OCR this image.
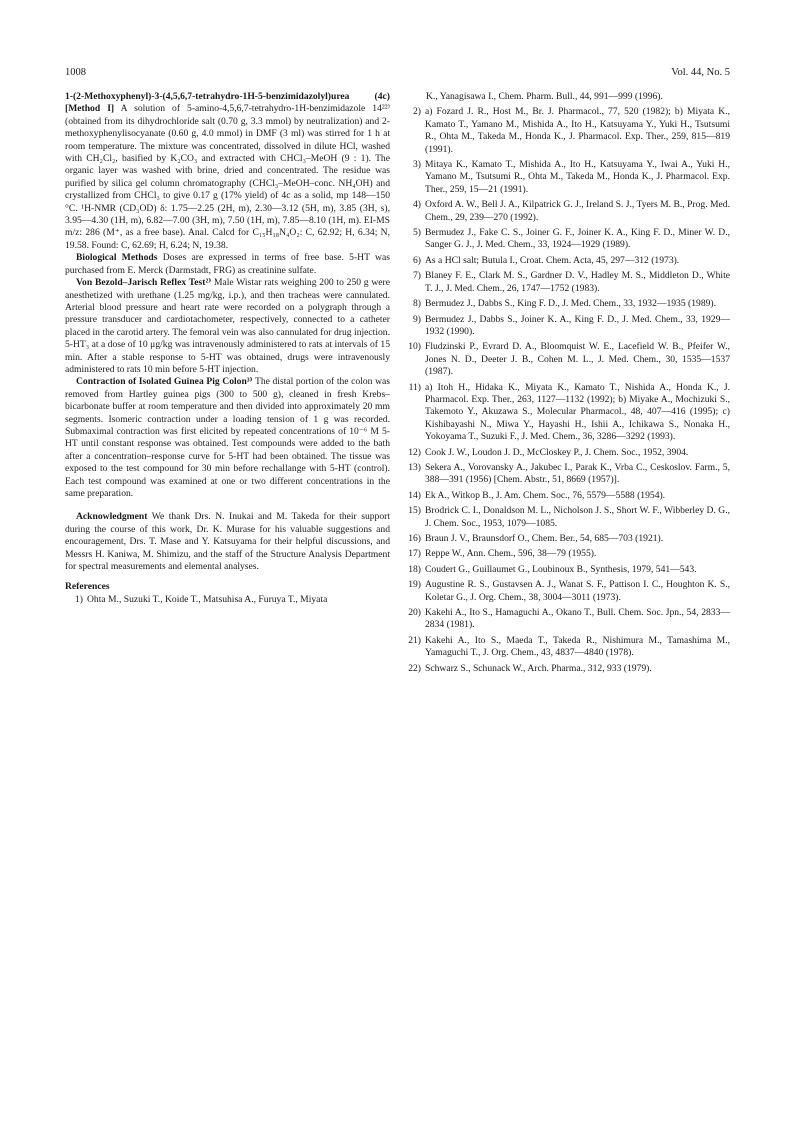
1008	Vol. 44, No. 5

1-(2-Methoxyphenyl)-3-(4,5,6,7-tetrahydro-1H-5-benzimidazolyl)urea (4c) [Method I] A solution of 5-amino-4,5,6,7-tetrahydro-1H-benzimidazole 14²²⁾ (obtained from its dihydrochloride salt (0.70 g, 3.3 mmol) by neutralization) and 2-methoxyphenylisocyanate (0.60 g, 4.0 mmol) in DMF (3 ml) was stirred for 1 h at room temperature. The mixture was concentrated, dissolved in dilute HCl, washed with CH₂Cl₂, basified by K₂CO₃ and extracted with CHCl₃–MeOH (9 : 1). The organic layer was washed with brine, dried and concentrated. The residue was purified by silica gel column chromatography (CHCl₃–MeOH–conc. NH₄OH) and crystallized from CHCl₃ to give 0.17 g (17% yield) of 4c as a solid, mp 148—150 °C. ¹H-NMR (CD₃OD) δ: 1.75—2.25 (2H, m), 2.30—3.12 (5H, m), 3.85 (3H, s), 3.95—4.30 (1H, m), 6.82—7.00 (3H, m), 7.50 (1H, m), 7.85—8.10 (1H, m). EI-MS m/z: 286 (M⁺, as a free base). Anal. Calcd for C₁₅H₁₈N₄O₂: C, 62.92; H, 6.34; N, 19.58. Found: C, 62.69; H, 6.24; N, 19.38.

Biological Methods Doses are expressed in terms of free base. 5-HT was purchased from E. Merck (Darmstadt, FRG) as creatinine sulfate.

Von Bezold–Jarisch Reflex Test²⁾ Male Wistar rats weighing 200 to 250 g were anesthetized with urethane (1.25 mg/kg, i.p.), and then tracheas were cannulated. Arterial blood pressure and heart rate were recorded on a polygraph through a pressure transducer and cardiotachometer, respectively, connected to a catheter placed in the carotid artery. The femoral vein was also cannulated for drug injection. 5-HT₃ at a dose of 10 μg/kg was intravenously administered to rats at intervals of 15 min. After a stable response to 5-HT was obtained, drugs were intravenously administered to rats 10 min before 5-HT injection.

Contraction of Isolated Guinea Pig Colon³⁾ The distal portion of the colon was removed from Hartley guinea pigs (300 to 500 g), cleaned in fresh Krebs–bicarbonate buffer at room temperature and then divided into approximately 20 mm segments. Isomeric contraction under a loading tension of 1 g was recorded. Submaximal contraction was first elicited by repeated concentrations of 10⁻⁶ M 5-HT until constant response was obtained. Test compounds were added to the bath after a concentration–response curve for 5-HT had been obtained. The tissue was exposed to the test compound for 30 min before rechallange with 5-HT (control). Each test compound was examined at one or two different concentrations in the same preparation.

Acknowledgment We thank Drs. N. Inukai and M. Takeda for their support during the course of this work, Dr. K. Murase for his valuable suggestions and encouragement, Drs. T. Mase and Y. Katsuyama for their helpful discussions, and Messrs H. Kaniwa, M. Shimizu, and the staff of the Structure Analysis Department for spectral measurements and elemental analyses.

References
1) Ohta M., Suzuki T., Koide T., Matsuhisa A., Furuya T., Miyata
K., Yanagisawa I., Chem. Pharm. Bull., 44, 991—999 (1996).
2) a) Fozard J. R., Host M., Br. J. Pharmacol., 77, 520 (1982); b) Miyata K., Kamato T., Yamano M., Mishida A., Ito H., Katsuyama Y., Yuki H., Tsutsumi R., Ohta M., Takeda M., Honda K., J. Pharmacol. Exp. Ther., 259, 815—819 (1991).
3) Mitaya K., Kamato T., Mishida A., Ito H., Katsuyama Y., Iwai A., Yuki H., Yamano M., Tsutsumi R., Ohta M., Takeda M., Honda K., J. Pharmacol. Exp. Ther., 259, 15—21 (1991).
4) Oxford A. W., Bell J. A., Kilpatrick G. J., Ireland S. J., Tyers M. B., Prog. Med. Chem., 29, 239—270 (1992).
5) Bermudez J., Fake C. S., Joiner G. F., Joiner K. A., King F. D., Miner W. D., Sanger G. J., J. Med. Chem., 33, 1924—1929 (1989).
6) As a HCl salt; Butula I., Croat. Chem. Acta, 45, 297—312 (1973).
7) Blaney F. E., Clark M. S., Gardner D. V., Hadley M. S., Middleton D., White T. J., J. Med. Chem., 26, 1747—1752 (1983).
8) Bermudez J., Dabbs S., King F. D., J. Med. Chem., 33, 1932—1935 (1989).
9) Bermudez J., Dabbs S., Joiner K. A., King F. D., J. Med. Chem., 33, 1929—1932 (1990).
10) Fludzinski P., Evrard D. A., Bloomquist W. E., Lacefield W. B., Pfeifer W., Jones N. D., Deeter J. B., Cohen M. L., J. Med. Chem., 30, 1535—1537 (1987).
11) a) Itoh H., Hidaka K., Miyata K., Kamato T., Nishida A., Honda K., J. Pharmacol. Exp. Ther., 263, 1127—1132 (1992); b) Miyake A., Mochizuki S., Takemoto Y., Akuzawa S., Molecular Pharmacol., 48, 407—416 (1995); c) Kishibayashi N., Miwa Y., Hayashi H., Ishii A., Ichikawa S., Nonaka H., Yokoyama T., Suzuki F., J. Med. Chem., 36, 3286—3292 (1993).
12) Cook J. W., Loudon J. D., McCloskey P., J. Chem. Soc., 1952, 3904.
13) Sekera A., Vorovansky A., Jakubec I., Parak K., Vrba C., Ceskoslov. Farm., 5, 388—391 (1956) [Chem. Abstr., 51, 8669 (1957)].
14) Ek A., Witkop B., J. Am. Chem. Soc., 76, 5579—5588 (1954).
15) Brodrick C. I., Donaldson M. L., Nicholson J. S., Short W. F., Wibberley D. G., J. Chem. Soc., 1953, 1079—1085.
16) Braun J. V., Braunsdorf O., Chem. Ber., 54, 685—703 (1921).
17) Reppe W., Ann. Chem., 596, 38—79 (1955).
18) Coudert G., Guillaumet G., Loubinoux B., Synthesis, 1979, 541—543.
19) Augustine R. S., Gustavsen A. J., Wanat S. F., Pattison I. C., Houghton K. S., Koletar G., J. Org. Chem., 38, 3004—3011 (1973).
20) Kakehi A., Ito S., Hamaguchi A., Okano T., Bull. Chem. Soc. Jpn., 54, 2833—2834 (1981).
21) Kakehi A., Ito S., Maeda T., Takeda R., Nishimura M., Tamashima M., Yamaguchi T., J. Org. Chem., 43, 4837—4840 (1978).
22) Schwarz S., Schunack W., Arch. Pharma., 312, 933 (1979).
